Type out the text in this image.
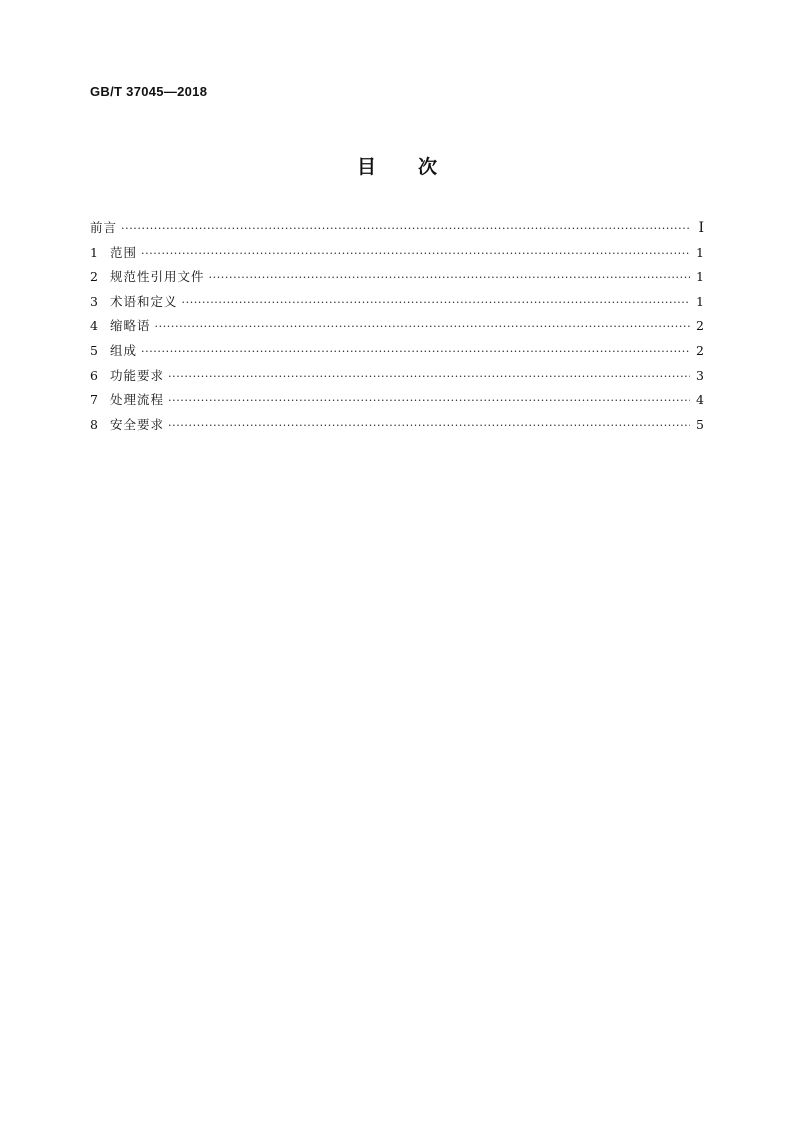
GB/T 37045—2018
目 次
前言 ·····	I
1 范围 ·····	1
2 规范性引用文件 ·····	1
3 术语和定义 ·····	1
4 缩略语 ·····	2
5 组成 ·····	2
6 功能要求 ·····	3
7 处理流程 ·····	4
8 安全要求 ·····	5
